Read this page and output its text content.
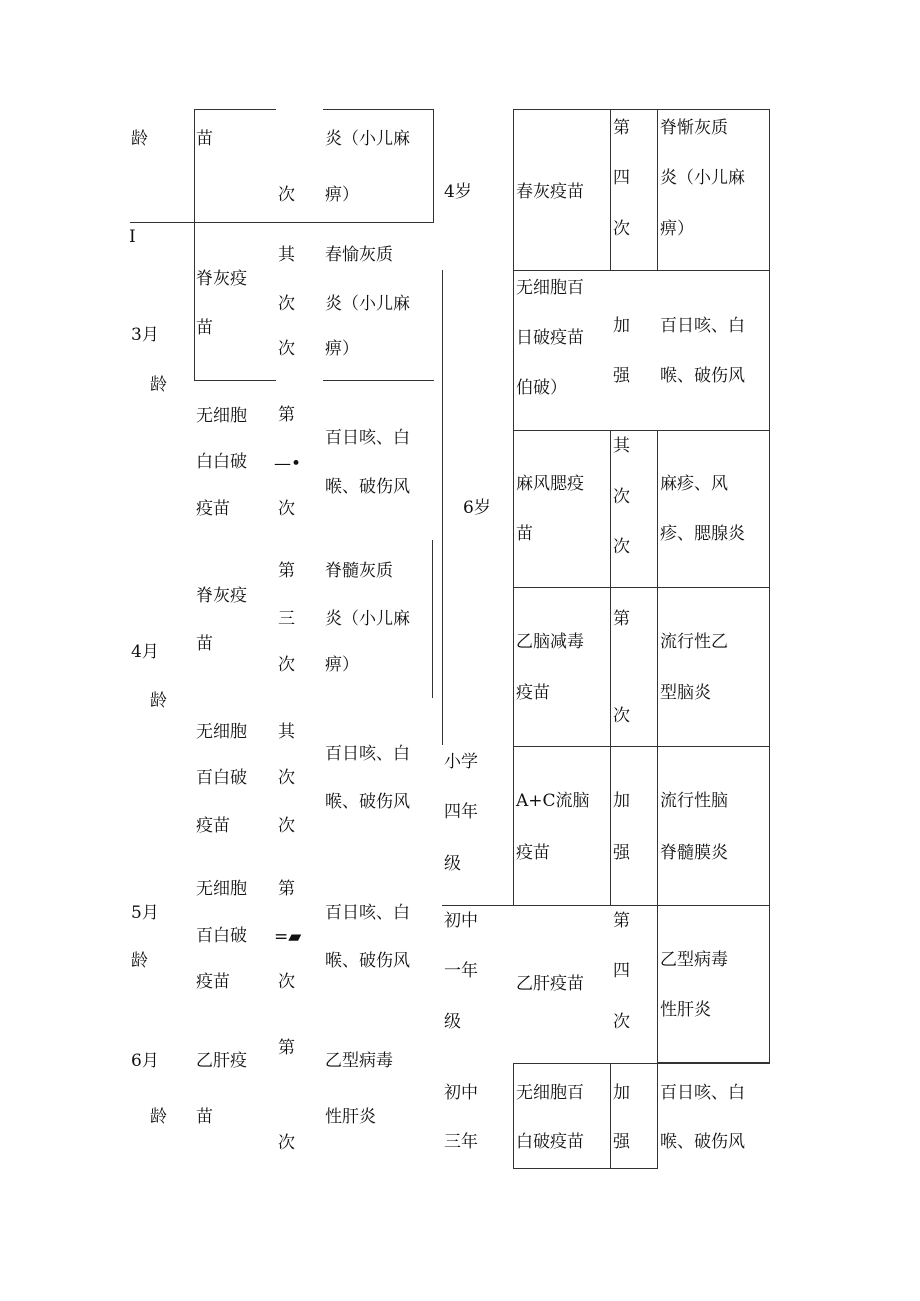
龄
I
3月
龄
4月
龄
5月
龄
6月
龄
苗
脊灰疫
苗
无细胞
白白破
疫苗
脊灰疫
苗
无细胞
百白破
疫苗
无细胞
百白破
疫苗
乙肝疫
苗
次
其
次
次
第
—•
次
第
三
次
其
次
次
第
=▰
次
第
次
炎（小儿麻
痹）
春愉灰质
炎（小儿麻
痹）
百日咳、白
喉、破伤风
脊髓灰质
炎（小儿麻
痹）
百日咳、白
喉、破伤风
百日咳、白
喉、破伤风
乙型病毒
性肝炎
4岁
6岁
小学
四年
级
初中
一年
级
初中
三年
春灰疫苗
无细胞百
日破疫苗
伯破）
麻风腮疫
苗
乙脑减毒
疫苗
A+C流脑
疫苗
乙肝疫苗
无细胞百
白破疫苗
第
四
次
加
强
其
次
次
第
次
加
强
第
四
次
加
强
脊惭灰质
炎（小儿麻
痹）
百日咳、白
喉、破伤风
麻疹、风
疹、腮腺炎
流行性乙
型脑炎
流行性脑
脊髓膜炎
乙型病毒
性肝炎
百日咳、白
喉、破伤风
